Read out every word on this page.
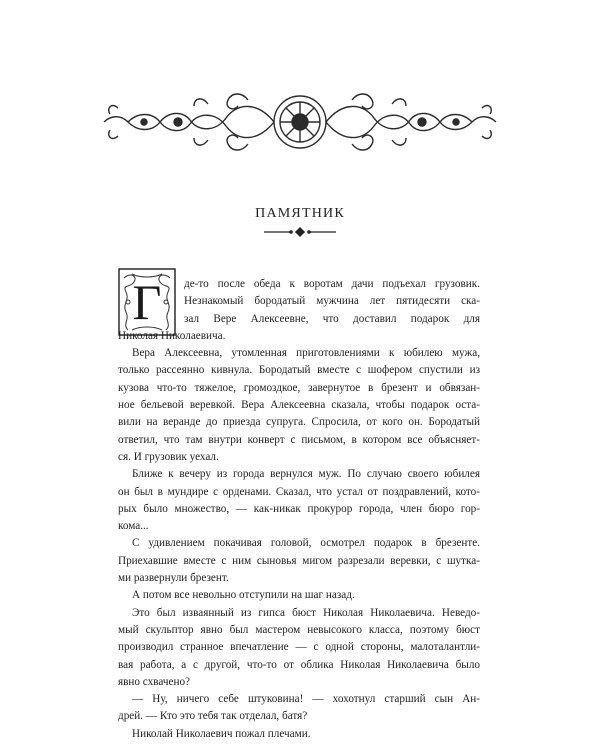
ПАМЯТНИК
Г	де-то после обеда к воротам дачи подъехал грузовик.
Незнакомый бородатый мужчина лет пятидесяти ска-
зал Вере Алексеевне, что доставил подарок для
Николая Николаевича.
Вера Алексеевна, утомленная приготовлениями к юбилею мужа,
только рассеянно кивнула. Бородатый вместе с шофером спустили из
кузова что-то тяжелое, громоздкое, завернутое в брезент и обвязан-
ное бельевой веревкой. Вера Алексеевна сказала, чтобы подарок оста-
вили на веранде до приезда супруга. Спросила, от кого он. Бородатый
ответил, что там внутри конверт с письмом, в котором все объясняет-
ся. И грузовик уехал.
Ближе к вечеру из города вернулся муж. По случаю своего юбилея
он был в мундире с орденами. Сказал, что устал от поздравлений, кото-
рых было множество, — как-никак прокурор города, член бюро гор-
кома...
С удивлением покачивая головой, осмотрел подарок в брезенте.
Приехавшие вместе с ним сыновья мигом разрезали веревки, с шутка-
ми развернули брезент.
А потом все невольно отступили на шаг назад.
Это был изваянный из гипса бюст Николая Николаевича. Неведо-
мый скульптор явно был мастером невысокого класса, поэтому бюст
производил странное впечатление — с одной стороны, малоталантли-
вая работа, а с другой, что-то от облика Николая Николаевича было
явно схвачено?
— Ну, ничего себе штуковина! — хохотнул старший сын Ан-
дрей. — Кто это тебя так отделал, батя?
Николай Николаевич пожал плечами.
